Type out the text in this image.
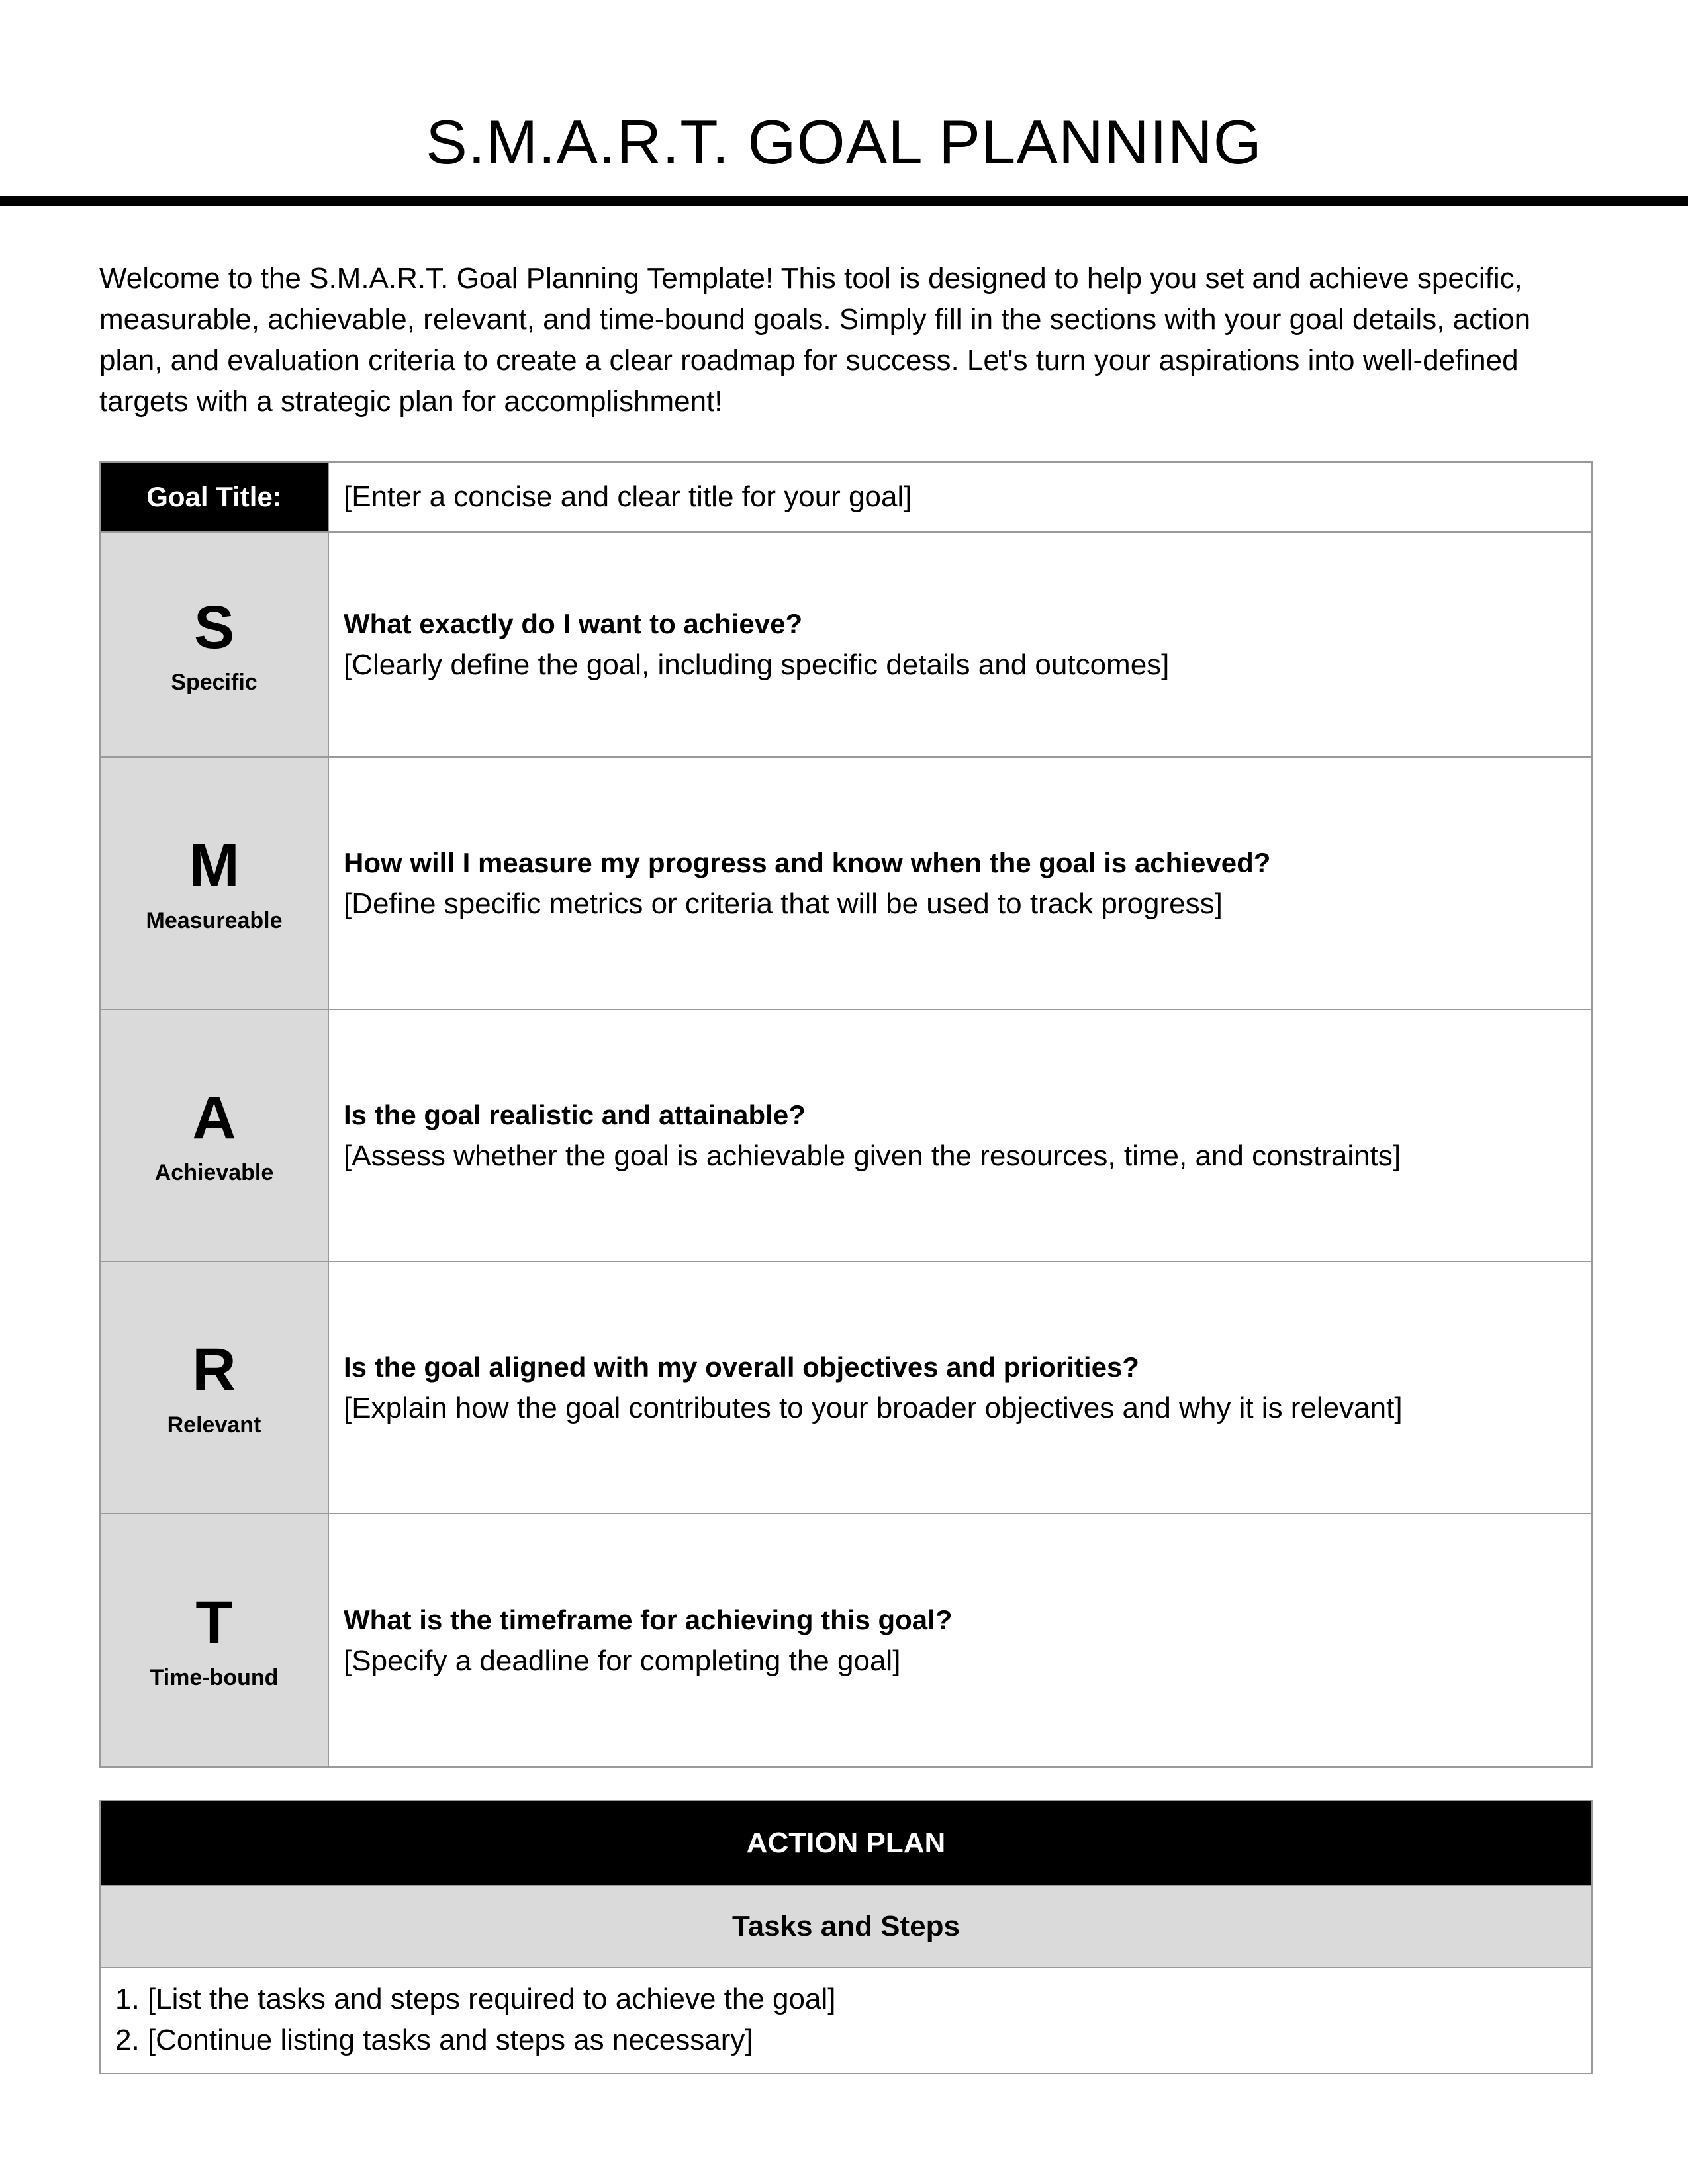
S.M.A.R.T. GOAL PLANNING
Welcome to the S.M.A.R.T. Goal Planning Template! This tool is designed to help you set and achieve specific, measurable, achievable, relevant, and time-bound goals. Simply fill in the sections with your goal details, action plan, and evaluation criteria to create a clear roadmap for success. Let's turn your aspirations into well-defined targets with a strategic plan for accomplishment!
Goal Title:	[Enter a concise and clear title for your goal]
S
Specific
What exactly do I want to achieve?
[Clearly define the goal, including specific details and outcomes]
M
Measureable
How will I measure my progress and know when the goal is achieved?
[Define specific metrics or criteria that will be used to track progress]
A
Achievable
Is the goal realistic and attainable?
[Assess whether the goal is achievable given the resources, time, and constraints]
R
Relevant
Is the goal aligned with my overall objectives and priorities?
[Explain how the goal contributes to your broader objectives and why it is relevant]
T
Time-bound
What is the timeframe for achieving this goal?
[Specify a deadline for completing the goal]
ACTION PLAN
Tasks and Steps
1. [List the tasks and steps required to achieve the goal]
2. [Continue listing tasks and steps as necessary]
